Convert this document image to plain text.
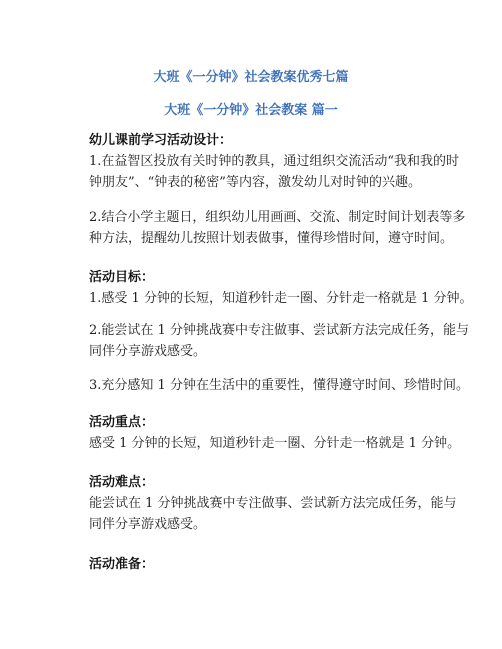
大班《一分钟》社会教案优秀七篇
大班《一分钟》社会教案 篇一
幼儿课前学习活动设计：
1.在益智区投放有关时钟的教具，通过组织交流活动“我和我的时
钟朋友”、“钟表的秘密”等内容，激发幼儿对时钟的兴趣。
2.结合小学主题日，组织幼儿用画画、交流、制定时间计划表等多
种方法，提醒幼儿按照计划表做事，懂得珍惜时间，遵守时间。
活动目标：
1.感受 1 分钟的长短，知道秒针走一圈、分针走一格就是 1 分钟。
2.能尝试在 1 分钟挑战赛中专注做事、尝试新方法完成任务，能与
同伴分享游戏感受。
3.充分感知 1 分钟在生活中的重要性，懂得遵守时间、珍惜时间。
活动重点：
感受 1 分钟的长短，知道秒针走一圈、分针走一格就是 1 分钟。
活动难点：
能尝试在 1 分钟挑战赛中专注做事、尝试新方法完成任务，能与
同伴分享游戏感受。
活动准备：
